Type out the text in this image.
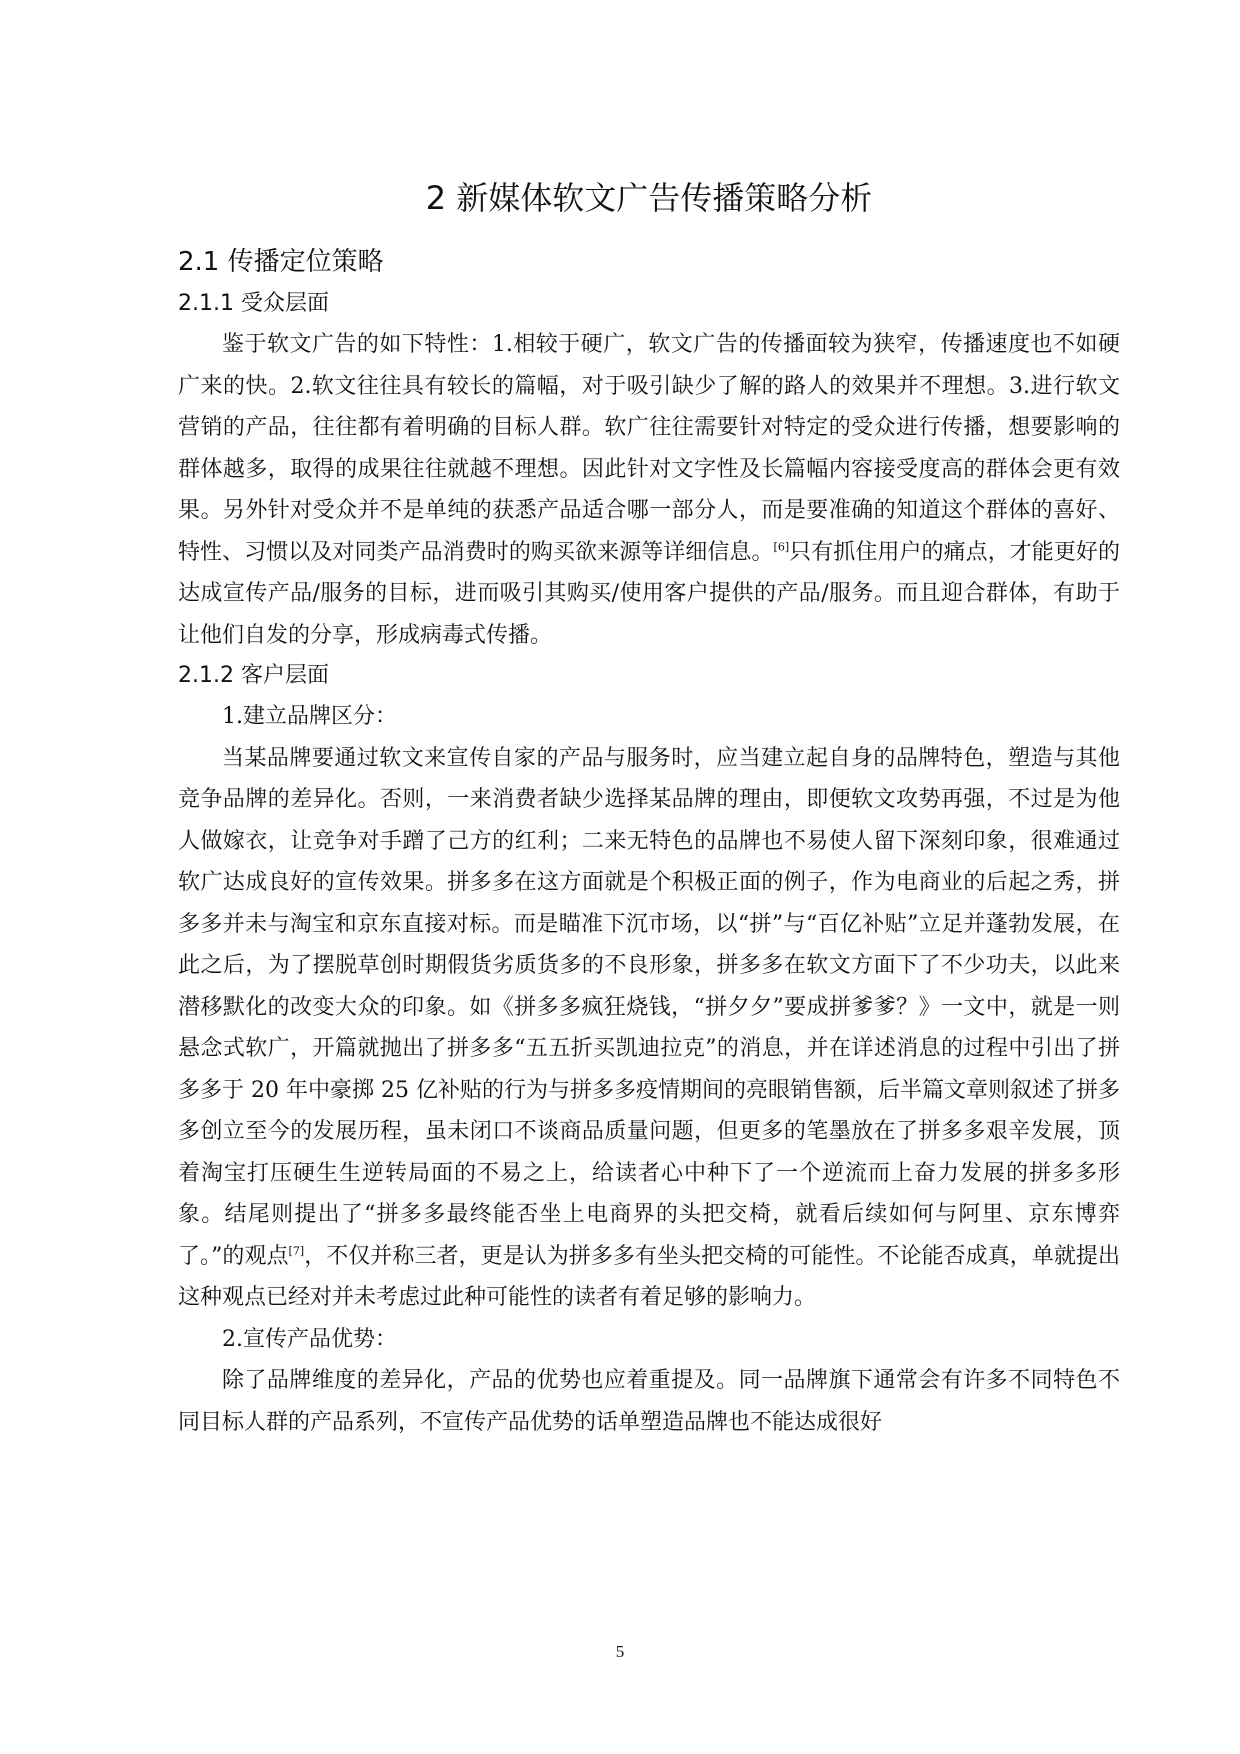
2 新媒体软文广告传播策略分析
2.1 传播定位策略
2.1.1 受众层面

鉴于软文广告的如下特性：1.相较于硬广，软文广告的传播面较为狭窄，传播速度也不如硬广来的快。2.软文往往具有较长的篇幅，对于吸引缺少了解的路人的效果并不理想。3.进行软文营销的产品，往往都有着明确的目标人群。软广往往需要针对特定的受众进行传播，想要影响的群体越多，取得的成果往往就越不理想。因此针对文字性及长篇幅内容接受度高的群体会更有效果。另外针对受众并不是单纯的获悉产品适合哪一部分人，而是要准确的知道这个群体的喜好、特性、习惯以及对同类产品消费时的购买欲来源等详细信息。[6]只有抓住用户的痛点，才能更好的达成宣传产品/服务的目标，进而吸引其购买/使用客户提供的产品/服务。而且迎合群体，有助于让他们自发的分享，形成病毒式传播。

2.1.2 客户层面

1.建立品牌区分：

当某品牌要通过软文来宣传自家的产品与服务时，应当建立起自身的品牌特色，塑造与其他竞争品牌的差异化。否则，一来消费者缺少选择某品牌的理由，即便软文攻势再强，不过是为他人做嫁衣，让竞争对手蹭了己方的红利；二来无特色的品牌也不易使人留下深刻印象，很难通过软广达成良好的宣传效果。拼多多在这方面就是个积极正面的例子，作为电商业的后起之秀，拼多多并未与淘宝和京东直接对标。而是瞄准下沉市场，以“拼”与“百亿补贴”立足并蓬勃发展，在此之后，为了摆脱草创时期假货劣质货多的不良形象，拼多多在软文方面下了不少功夫，以此来潜移默化的改变大众的印象。如《拼多多疯狂烧钱，“拼夕夕”要成拼爹爹？》一文中，就是一则悬念式软广，开篇就抛出了拼多多“五五折买凯迪拉克”的消息，并在详述消息的过程中引出了拼多多于 20 年中豪掷 25 亿补贴的行为与拼多多疫情期间的亮眼销售额，后半篇文章则叙述了拼多多创立至今的发展历程，虽未闭口不谈商品质量问题，但更多的笔墨放在了拼多多艰辛发展，顶着淘宝打压硬生生逆转局面的不易之上，给读者心中种下了一个逆流而上奋力发展的拼多多形象。结尾则提出了“拼多多最终能否坐上电商界的头把交椅，就看后续如何与阿里、京东博弈了。”的观点[7]，不仅并称三者，更是认为拼多多有坐头把交椅的可能性。不论能否成真，单就提出这种观点已经对并未考虑过此种可能性的读者有着足够的影响力。

2.宣传产品优势：

除了品牌维度的差异化，产品的优势也应着重提及。同一品牌旗下通常会有许多不同特色不同目标人群的产品系列，不宣传产品优势的话单塑造品牌也不能达成很好

5
